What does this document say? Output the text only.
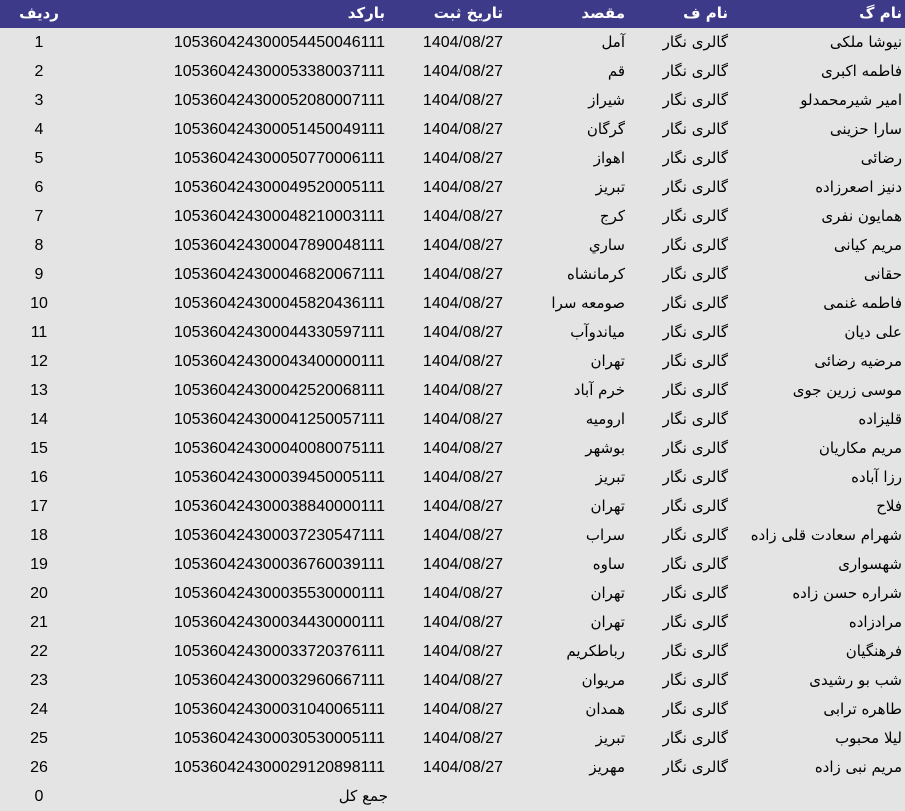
ردیف	بارکد	تاریخ ثبت	مقصد	نام ف	نام گ
1	105360424300054450046111	1404/08/27	آمل	گالری نگار	نیوشا ملکی
2	105360424300053380037111	1404/08/27	قم	گالری نگار	فاطمه اکبری
3	105360424300052080007111	1404/08/27	شیراز	گالری نگار	امیر شیرمحمدلو
4	105360424300051450049111	1404/08/27	گرگان	گالری نگار	سارا حزینی
5	105360424300050770006111	1404/08/27	اهواز	گالری نگار	رضائی
6	105360424300049520005111	1404/08/27	تبریز	گالری نگار	دنیز اصعرزاده
7	105360424300048210003111	1404/08/27	کرج	گالری نگار	همایون نفری
8	105360424300047890048111	1404/08/27	ساري	گالری نگار	مریم کیانی
9	105360424300046820067111	1404/08/27	کرمانشاه	گالری نگار	حقانی
10	105360424300045820436111	1404/08/27	صومعه سرا	گالری نگار	فاطمه غنمی
11	105360424300044330597111	1404/08/27	میاندوآب	گالری نگار	علی دیان
12	105360424300043400000111	1404/08/27	تهران	گالری نگار	مرضیه رضائی
13	105360424300042520068111	1404/08/27	خرم آباد	گالری نگار	موسی زرین جوی
14	105360424300041250057111	1404/08/27	ارومیه	گالری نگار	قلیزاده
15	105360424300040080075111	1404/08/27	بوشهر	گالری نگار	مریم مکاریان
16	105360424300039450005111	1404/08/27	تبریز	گالری نگار	رزا آباده
17	105360424300038840000111	1404/08/27	تهران	گالری نگار	فلاح
18	105360424300037230547111	1404/08/27	سراب	گالری نگار	شهرام سعادت قلی زاده
19	105360424300036760039111	1404/08/27	ساوه	گالری نگار	شهسواری
20	105360424300035530000111	1404/08/27	تهران	گالری نگار	شراره حسن زاده
21	105360424300034430000111	1404/08/27	تهران	گالری نگار	مرادزاده
22	105360424300033720376111	1404/08/27	رباطکریم	گالری نگار	فرهنگیان
23	105360424300032960667111	1404/08/27	مریوان	گالری نگار	شب بو رشیدی
24	105360424300031040065111	1404/08/27	همدان	گالری نگار	طاهره ترابی
25	105360424300030530005111	1404/08/27	تبریز	گالری نگار	لیلا محبوب
26	105360424300029120898111	1404/08/27	مهریز	گالری نگار	مریم نبی زاده
0	جمع کل
